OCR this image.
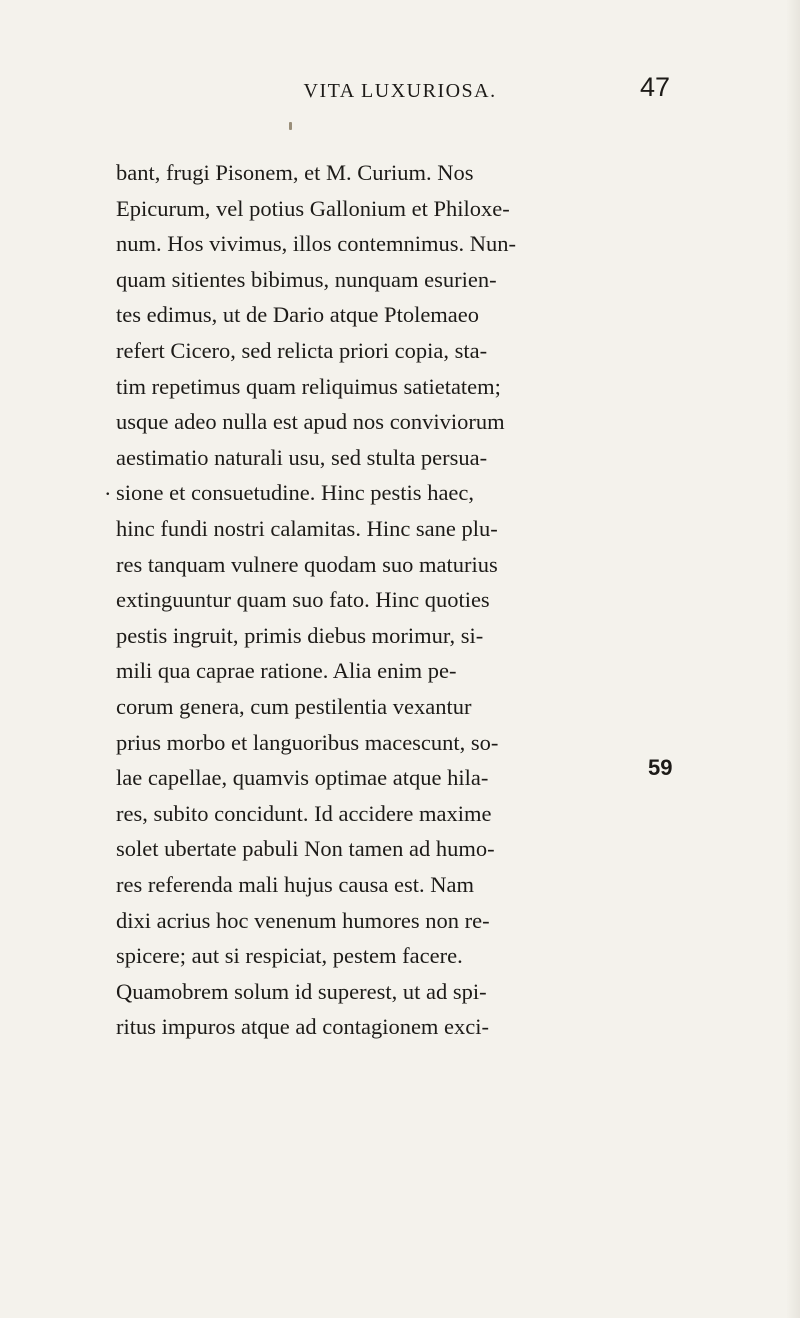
VITA LUXURIOSA.	47
bant, frugi Pisonem, et M. Curium. Nos
Epicurum, vel potius Gallonium et Philoxe-
num. Hos vivimus, illos contemnimus. Nun-
quam sitientes bibimus, nunquam esurien-
tes edimus, ut de Dario atque Ptolemaeo
refert Cicero, sed relicta priori copia, sta-
tim repetimus quam reliquimus satietatem;
usque adeo nulla est apud nos conviviorum
aestimatio naturali usu, sed stulta persua-
sione et consuetudine. Hinc pestis haec,
hinc fundi nostri calamitas. Hinc sane plu-
res tanquam vulnere quodam suo maturius
extinguuntur quam suo fato. Hinc quoties
pestis ingruit, primis diebus morimur, si-
mili qua caprae ratione. Alia enim pe-
corum genera, cum pestilentia vexantur
prius morbo et languoribus macescunt, so-
lae capellae, quamvis optimae atque hila-
res, subito concidunt. Id accidere maxime
solet ubertate pabuli Non tamen ad humo-
res referenda mali hujus causa est. Nam
dixi acrius hoc venenum humores non re-
spicere; aut si respiciat, pestem facere.
Quamobrem solum id superest, ut ad spi-
ritus impuros atque ad contagionem exci-
.
59
